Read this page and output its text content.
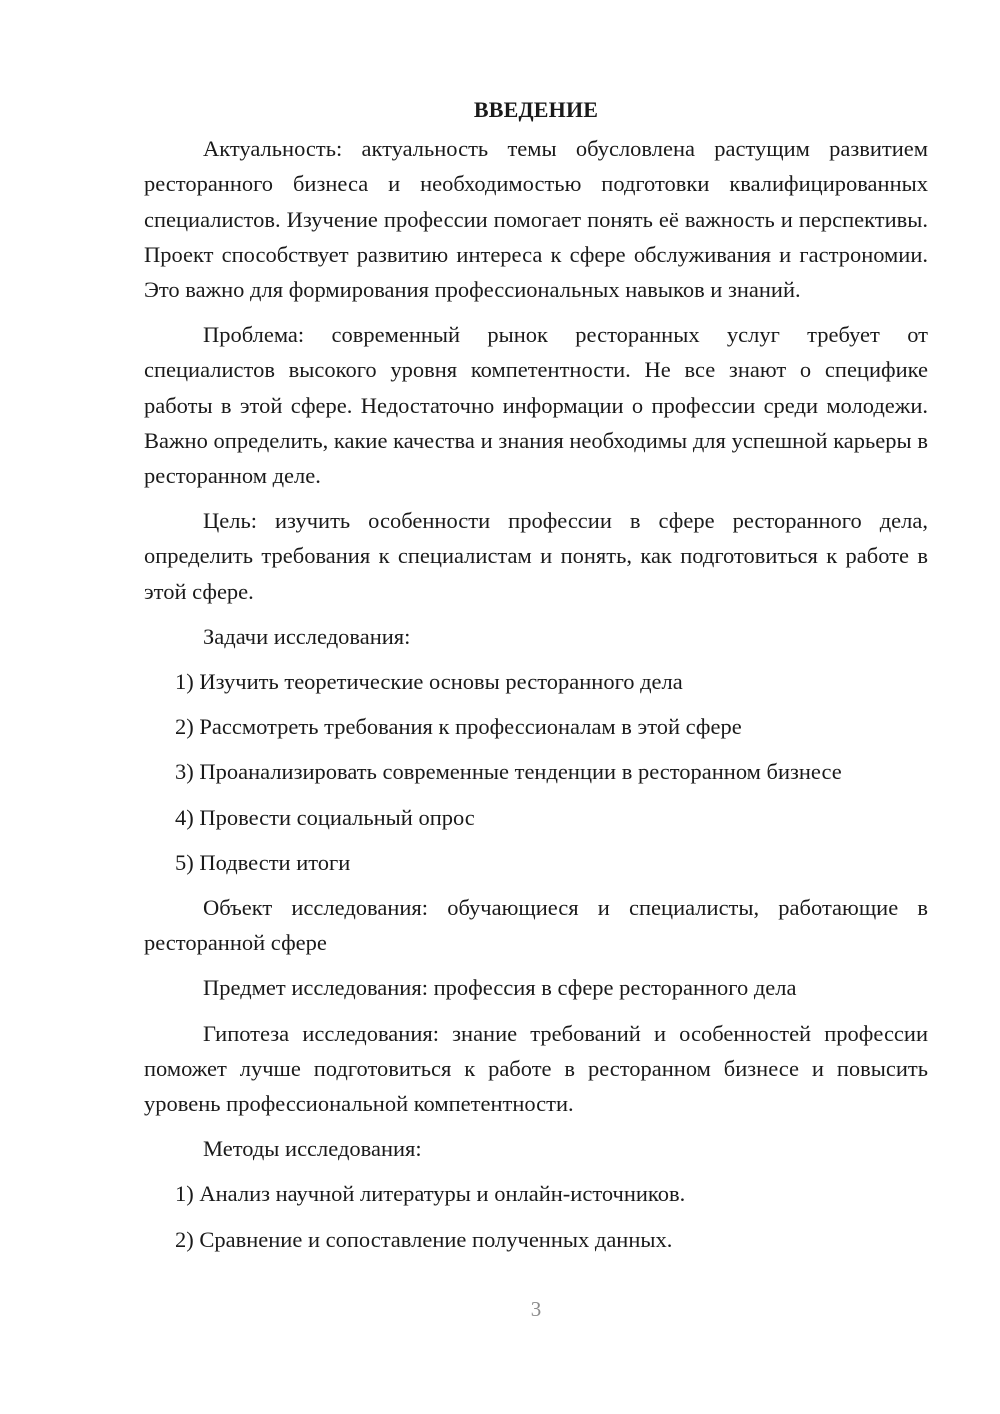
ВВЕДЕНИЕ

Актуальность: актуальность темы обусловлена растущим развитием ресторанного бизнеса и необходимостью подготовки квалифицированных специалистов. Изучение профессии помогает понять её важность и перспективы. Проект способствует развитию интереса к сфере обслуживания и гастрономии. Это важно для формирования профессиональных навыков и знаний.

Проблема: современный рынок ресторанных услуг требует от специалистов высокого уровня компетентности. Не все знают о специфике работы в этой сфере. Недостаточно информации о профессии среди молодежи. Важно определить, какие качества и знания необходимы для успешной карьеры в ресторанном деле.

Цель: изучить особенности профессии в сфере ресторанного дела, определить требования к специалистам и понять, как подготовиться к работе в этой сфере.

Задачи исследования:
1) Изучить теоретические основы ресторанного дела
2) Рассмотреть требования к профессионалам в этой сфере
3) Проанализировать современные тенденции в ресторанном бизнесе
4) Провести социальный опрос
5) Подвести итоги

Объект исследования: обучающиеся и специалисты, работающие в ресторанной сфере

Предмет исследования: профессия в сфере ресторанного дела

Гипотеза исследования: знание требований и особенностей профессии поможет лучше подготовиться к работе в ресторанном бизнесе и повысить уровень профессиональной компетентности.

Методы исследования:
1) Анализ научной литературы и онлайн-источников.
2) Сравнение и сопоставление полученных данных.
3
